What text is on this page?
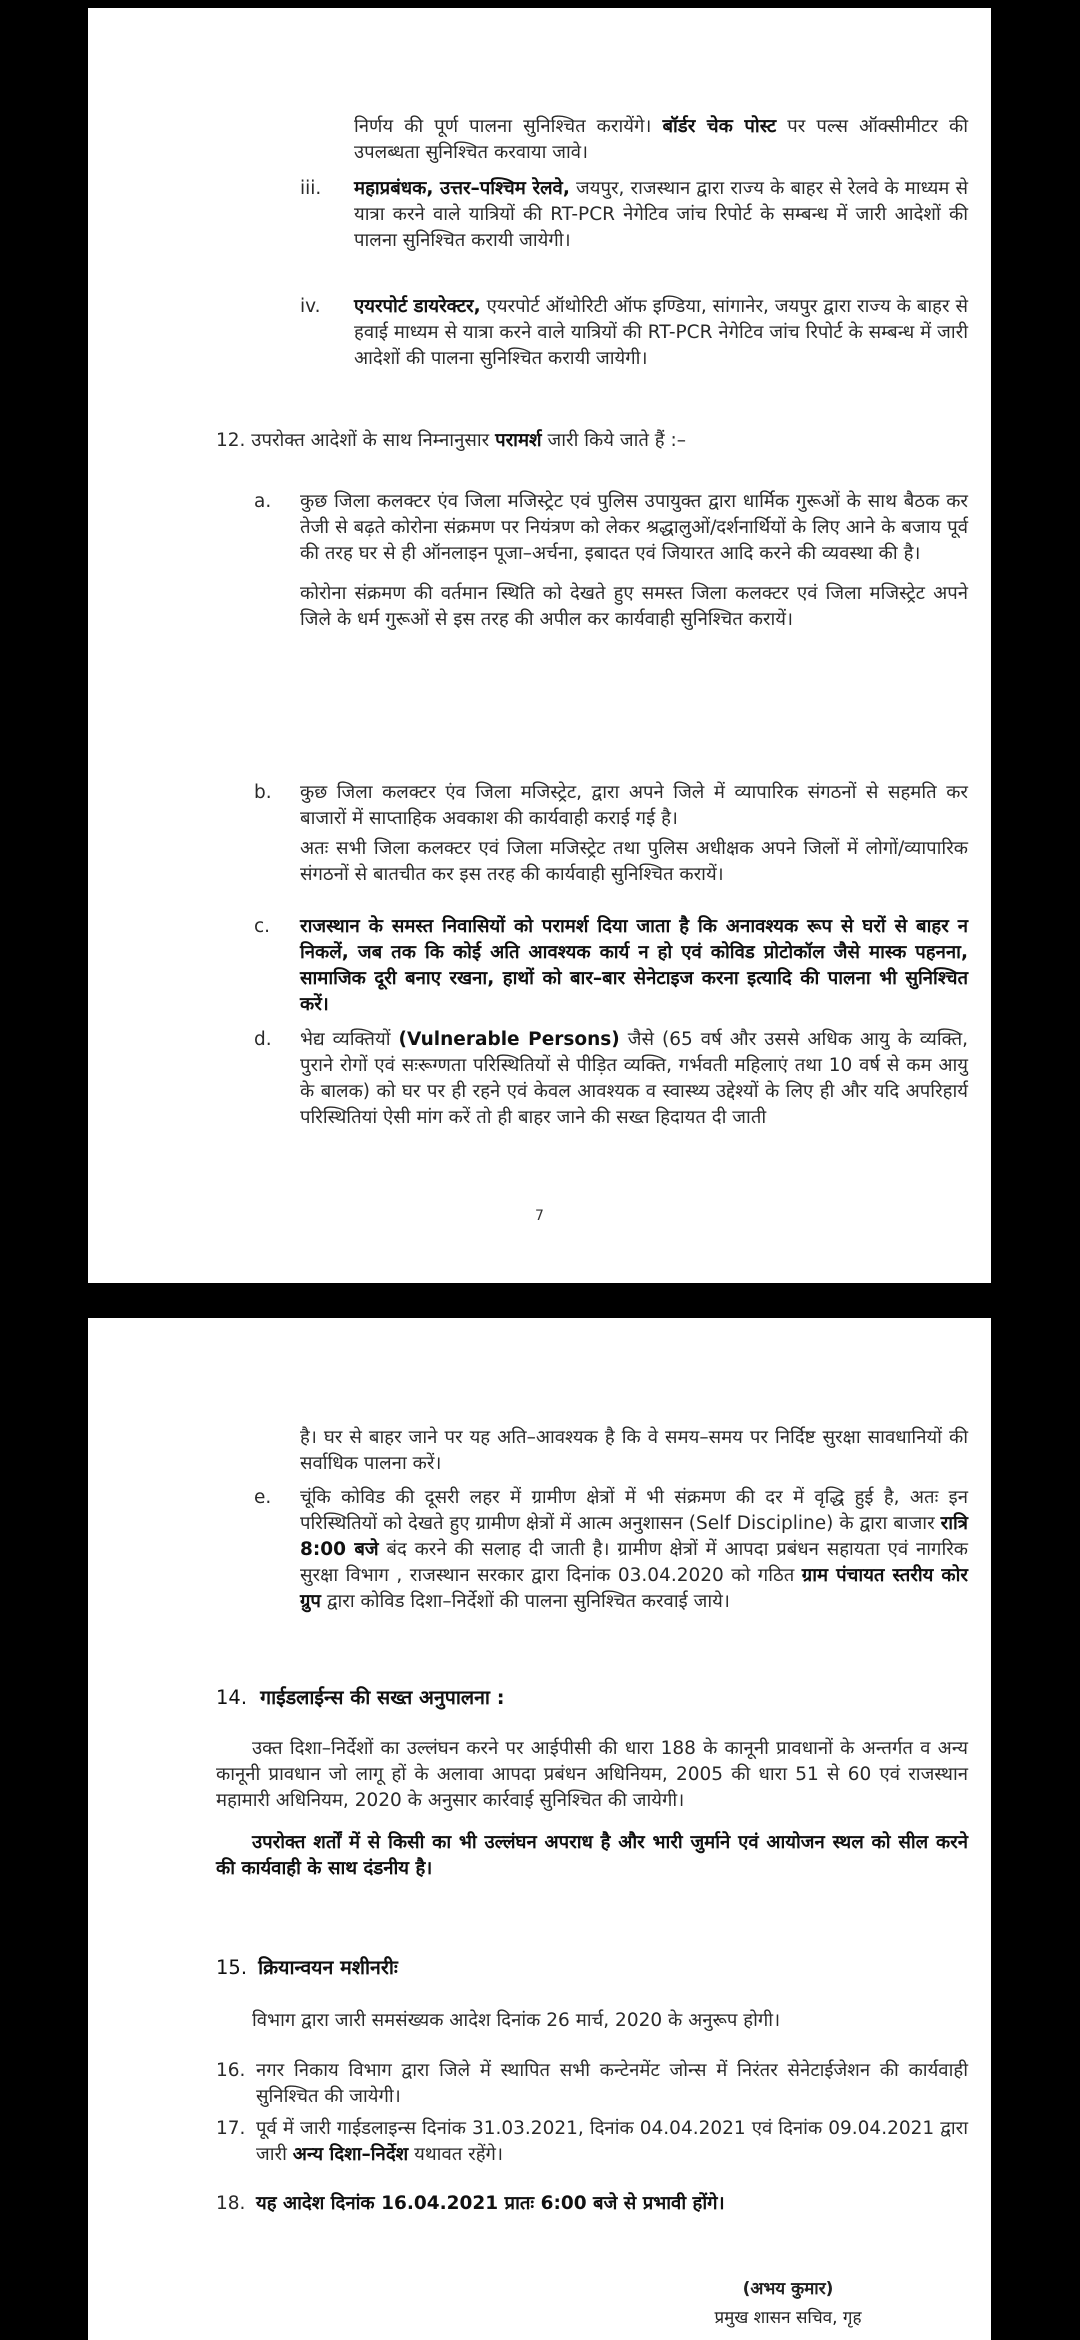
निर्णय की पूर्ण पालना सुनिश्चित करायेंगे। बॉर्डर चेक पोस्ट पर पल्स ऑक्सीमीटर की उपलब्धता सुनिश्चित करवाया जावे।

iii. महाप्रबंधक, उत्तर–पश्चिम रेलवे, जयपुर, राजस्थान द्वारा राज्य के बाहर से रेलवे के माध्यम से यात्रा करने वाले यात्रियों की RT-PCR नेगेटिव जांच रिपोर्ट के सम्बन्ध में जारी आदेशों की पालना सुनिश्चित करायी जायेगी।

iv. एयरपोर्ट डायरेक्टर, एयरपोर्ट ऑथोरिटी ऑफ इण्डिया, सांगानेर, जयपुर द्वारा राज्य के बाहर से हवाई माध्यम से यात्रा करने वाले यात्रियों की RT-PCR नेगेटिव जांच रिपोर्ट के सम्बन्ध में जारी आदेशों की पालना सुनिश्चित करायी जायेगी।

12. उपरोक्त आदेशों के साथ निम्नानुसार परामर्श जारी किये जाते हैं :–

a. कुछ जिला कलक्टर एंव जिला मजिस्ट्रेट एवं पुलिस उपायुक्त द्वारा धार्मिक गुरूओं के साथ बैठक कर तेजी से बढ़ते कोरोना संक्रमण पर नियंत्रण को लेकर श्रद्धालुओं/दर्शनार्थियों के लिए आने के बजाय पूर्व की तरह घर से ही ऑनलाइन पूजा–अर्चना, इबादत एवं जियारत आदि करने की व्यवस्था की है।

कोरोना संक्रमण की वर्तमान स्थिति को देखते हुए समस्त जिला कलक्टर एवं जिला मजिस्ट्रेट अपने जिले के धर्म गुरूओं से इस तरह की अपील कर कार्यवाही सुनिश्चित करायें।

b. कुछ जिला कलक्टर एंव जिला मजिस्ट्रेट, द्वारा अपने जिले में व्यापारिक संगठनों से सहमति कर बाजारों में साप्ताहिक अवकाश की कार्यवाही कराई गई है।

अतः सभी जिला कलक्टर एवं जिला मजिस्ट्रेट तथा पुलिस अधीक्षक अपने जिलों में लोगों/व्यापारिक संगठनों से बातचीत कर इस तरह की कार्यवाही सुनिश्चित करायें।

c. राजस्थान के समस्त निवासियों को परामर्श दिया जाता है कि अनावश्यक रूप से घरों से बाहर न निकलें, जब तक कि कोई अति आवश्यक कार्य न हो एवं कोविड प्रोटोकॉल जैसे मास्क पहनना, सामाजिक दूरी बनाए रखना, हाथों को बार–बार सेनेटाइज करना इत्यादि की पालना भी सुनिश्चित करें।

d. भेद्य व्यक्तियों (Vulnerable Persons) जैसे (65 वर्ष और उससे अधिक आयु के व्यक्ति, पुराने रोगों एवं सःरूग्णता परिस्थितियों से पीड़ित व्यक्ति, गर्भवती महिलाएं तथा 10 वर्ष से कम आयु के बालक) को घर पर ही रहने एवं केवल आवश्यक व स्वास्थ्य उद्देश्यों के लिए ही और यदि अपरिहार्य परिस्थितियां ऐसी मांग करें तो ही बाहर जाने की सख्त हिदायत दी जाती

7

है। घर से बाहर जाने पर यह अति–आवश्यक है कि वे समय–समय पर निर्दिष्ट सुरक्षा सावधानियों की सर्वाधिक पालना करें।

e. चूंकि कोविड की दूसरी लहर में ग्रामीण क्षेत्रों में भी संक्रमण की दर में वृद्धि हुई है, अतः इन परिस्थितियों को देखते हुए ग्रामीण क्षेत्रों में आत्म अनुशासन (Self Discipline) के द्वारा बाजार रात्रि 8:00 बजे बंद करने की सलाह दी जाती है। ग्रामीण क्षेत्रों में आपदा प्रबंधन सहायता एवं नागरिक सुरक्षा विभाग , राजस्थान सरकार द्वारा दिनांक 03.04.2020 को गठित ग्राम पंचायत स्तरीय कोर ग्रुप द्वारा कोविड दिशा–निर्देशों की पालना सुनिश्चित करवाई जाये।

14. गाईडलाईन्स की सख्त अनुपालना :

उक्त दिशा–निर्देशों का उल्लंघन करने पर आईपीसी की धारा 188 के कानूनी प्रावधानों के अन्तर्गत व अन्य कानूनी प्रावधान जो लागू हों के अलावा आपदा प्रबंधन अधिनियम, 2005 की धारा 51 से 60 एवं राजस्थान महामारी अधिनियम, 2020 के अनुसार कार्रवाई सुनिश्चित की जायेगी।

उपरोक्त शर्तों में से किसी का भी उल्लंघन अपराध है और भारी जुर्माने एवं आयोजन स्थल को सील करने की कार्यवाही के साथ दंडनीय है।

15. क्रियान्वयन मशीनरीः

विभाग द्वारा जारी समसंख्यक आदेश दिनांक 26 मार्च, 2020 के अनुरूप होगी।

16. नगर निकाय विभाग द्वारा जिले में स्थापित सभी कन्टेनमेंट जोन्स में निरंतर सेनेटाईजेशन की कार्यवाही सुनिश्चित की जायेगी।

17. पूर्व में जारी गाईडलाइन्स दिनांक 31.03.2021, दिनांक 04.04.2021 एवं दिनांक 09.04.2021 द्वारा जारी अन्य दिशा–निर्देश यथावत रहेंगे।

18. यह आदेश दिनांक 16.04.2021 प्रातः 6:00 बजे से प्रभावी होंगे।

(अभय कुमार)
प्रमुख शासन सचिव, गृह
